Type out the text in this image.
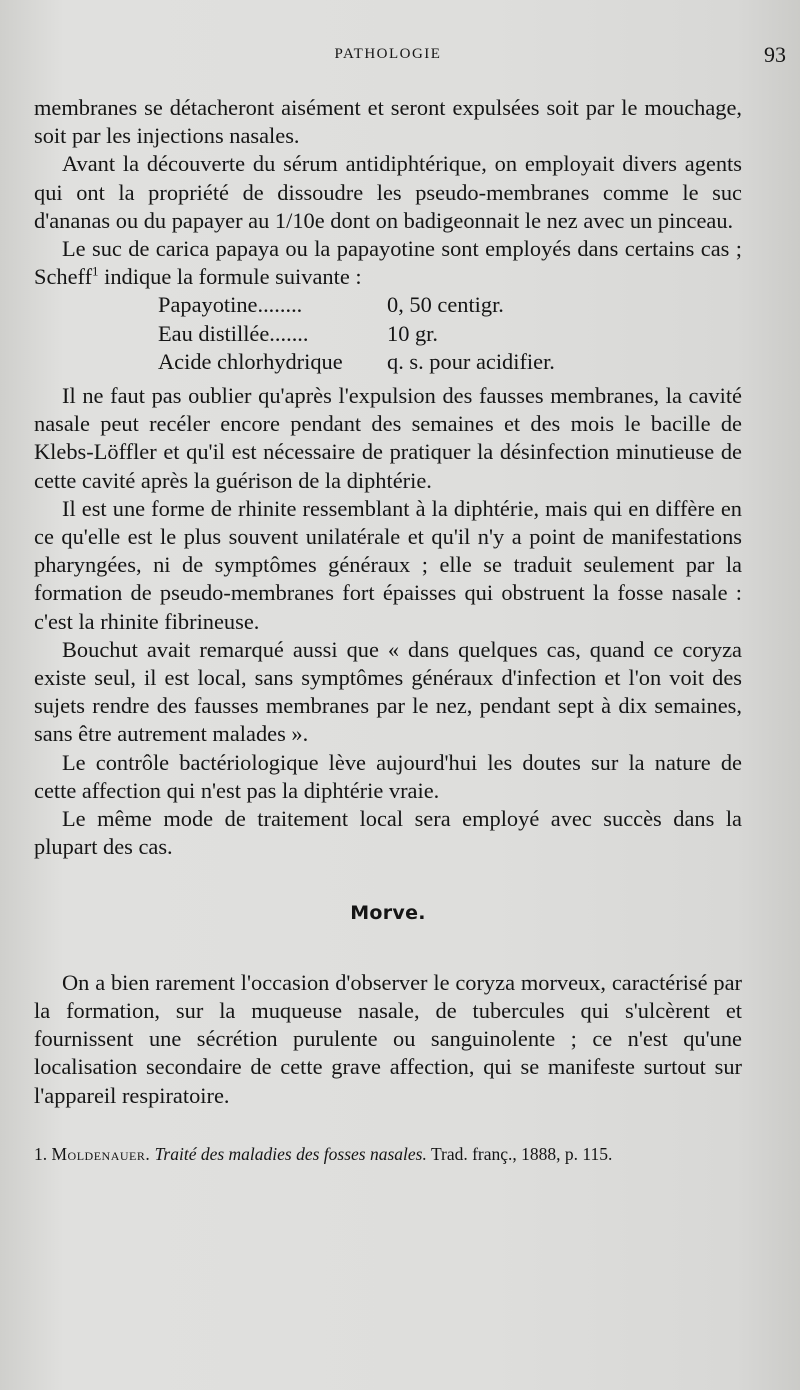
PATHOLOGIE	93

membranes se détacheront aisément et seront expulsées soit par le mouchage, soit par les injections nasales.

Avant la découverte du sérum antidiphtérique, on employait divers agents qui ont la propriété de dissoudre les pseudo-membranes comme le suc d'ananas ou du papayer au 1/10e dont on badigeonnait le nez avec un pinceau.

Le suc de carica papaya ou la papayotine sont employés dans certains cas ; Scheff$^1$ indique la formule suivante :

Papayotine........	0, 50 centigr.
Eau distillée.......	10 gr.
Acide chlorhydrique	q. s. pour acidifier.

Il ne faut pas oublier qu'après l'expulsion des fausses membranes, la cavité nasale peut recéler encore pendant des semaines et des mois le bacille de Klebs-Löffler et qu'il est nécessaire de pratiquer la désinfection minutieuse de cette cavité après la guérison de la diphtérie.

Il est une forme de rhinite ressemblant à la diphtérie, mais qui en diffère en ce qu'elle est le plus souvent unilatérale et qu'il n'y a point de manifestations pharyngées, ni de symptômes généraux ; elle se traduit seulement par la formation de pseudo-membranes fort épaisses qui obstruent la fosse nasale : c'est la rhinite fibrineuse.

Bouchut avait remarqué aussi que « dans quelques cas, quand ce coryza existe seul, il est local, sans symptômes généraux d'infection et l'on voit des sujets rendre des fausses membranes par le nez, pendant sept à dix semaines, sans être autrement malades ».

Le contrôle bactériologique lève aujourd'hui les doutes sur la nature de cette affection qui n'est pas la diphtérie vraie.

Le même mode de traitement local sera employé avec succès dans la plupart des cas.

Morve.

On a bien rarement l'occasion d'observer le coryza morveux, caractérisé par la formation, sur la muqueuse nasale, de tubercules qui s'ulcèrent et fournissent une sécrétion purulente ou sanguinolente ; ce n'est qu'une localisation secondaire de cette grave affection, qui se manifeste surtout sur l'appareil respiratoire.

1. Moldenauer. Traité des maladies des fosses nasales. Trad. franç., 1888, p. 115.
